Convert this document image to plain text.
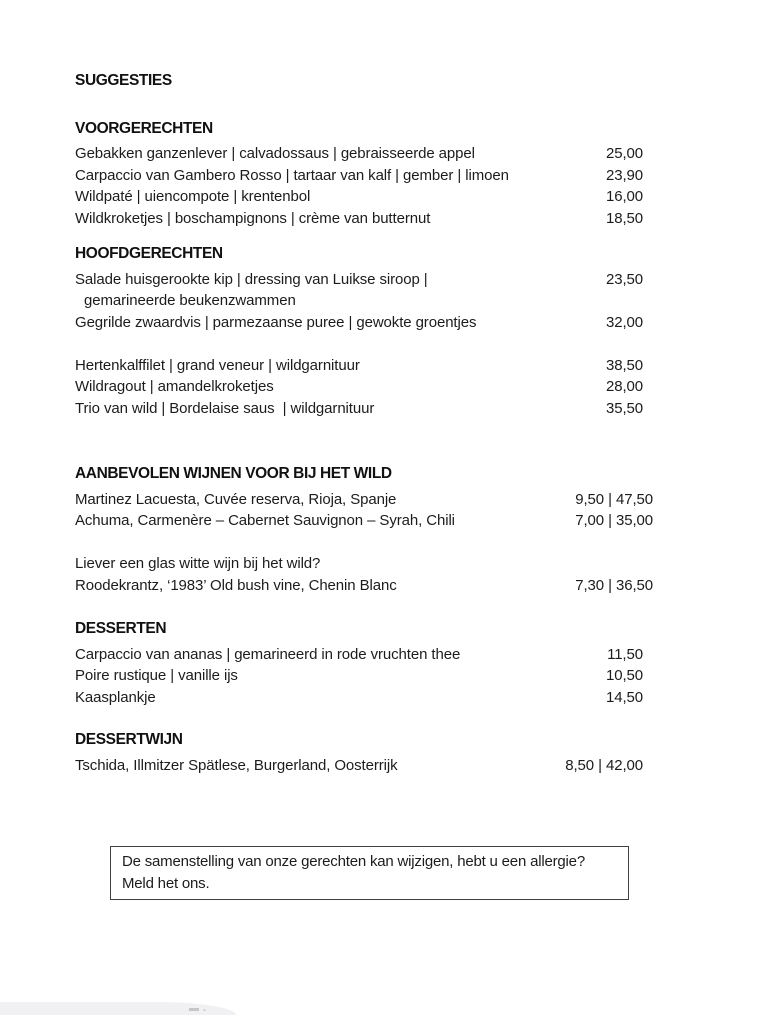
SUGGESTIES
VOORGERECHTEN
Gebakken ganzenlever | calvadossaus | gebraisseerde appel	25,00
Carpaccio van Gambero Rosso | tartaar van kalf | gember | limoen	23,90
Wildpaté | uiencompote | krentenbol	16,00
Wildkroketjes | boschampignons | crème van butternut	18,50
HOOFDGERECHTEN
Salade huisgerookte kip | dressing van Luikse siroop |	23,50
gemarineerde beukenzwammen
Gegrilde zwaardvis | parmezaanse puree | gewokte groentjes	32,00
Hertenkalffilet | grand veneur | wildgarnituur	38,50
Wildragout | amandelkroketjes	28,00
Trio van wild | Bordelaise saus  | wildgarnituur	35,50
AANBEVOLEN WIJNEN VOOR BIJ HET WILD
Martinez Lacuesta, Cuvée reserva, Rioja, Spanje	9,50 | 47,50
Achuma, Carmenère – Cabernet Sauvignon – Syrah, Chili	7,00 | 35,00
Liever een glas witte wijn bij het wild?
Roodekrantz, ‘1983’ Old bush vine, Chenin Blanc	7,30 | 36,50
DESSERTEN
Carpaccio van ananas | gemarineerd in rode vruchten thee	11,50
Poire rustique | vanille ijs	10,50
Kaasplankje	14,50
DESSERTWIJN
Tschida, Illmitzer Spätlese, Burgerland, Oosterrijk	8,50 | 42,00
De samenstelling van onze gerechten kan wijzigen, hebt u een allergie?
Meld het ons.
